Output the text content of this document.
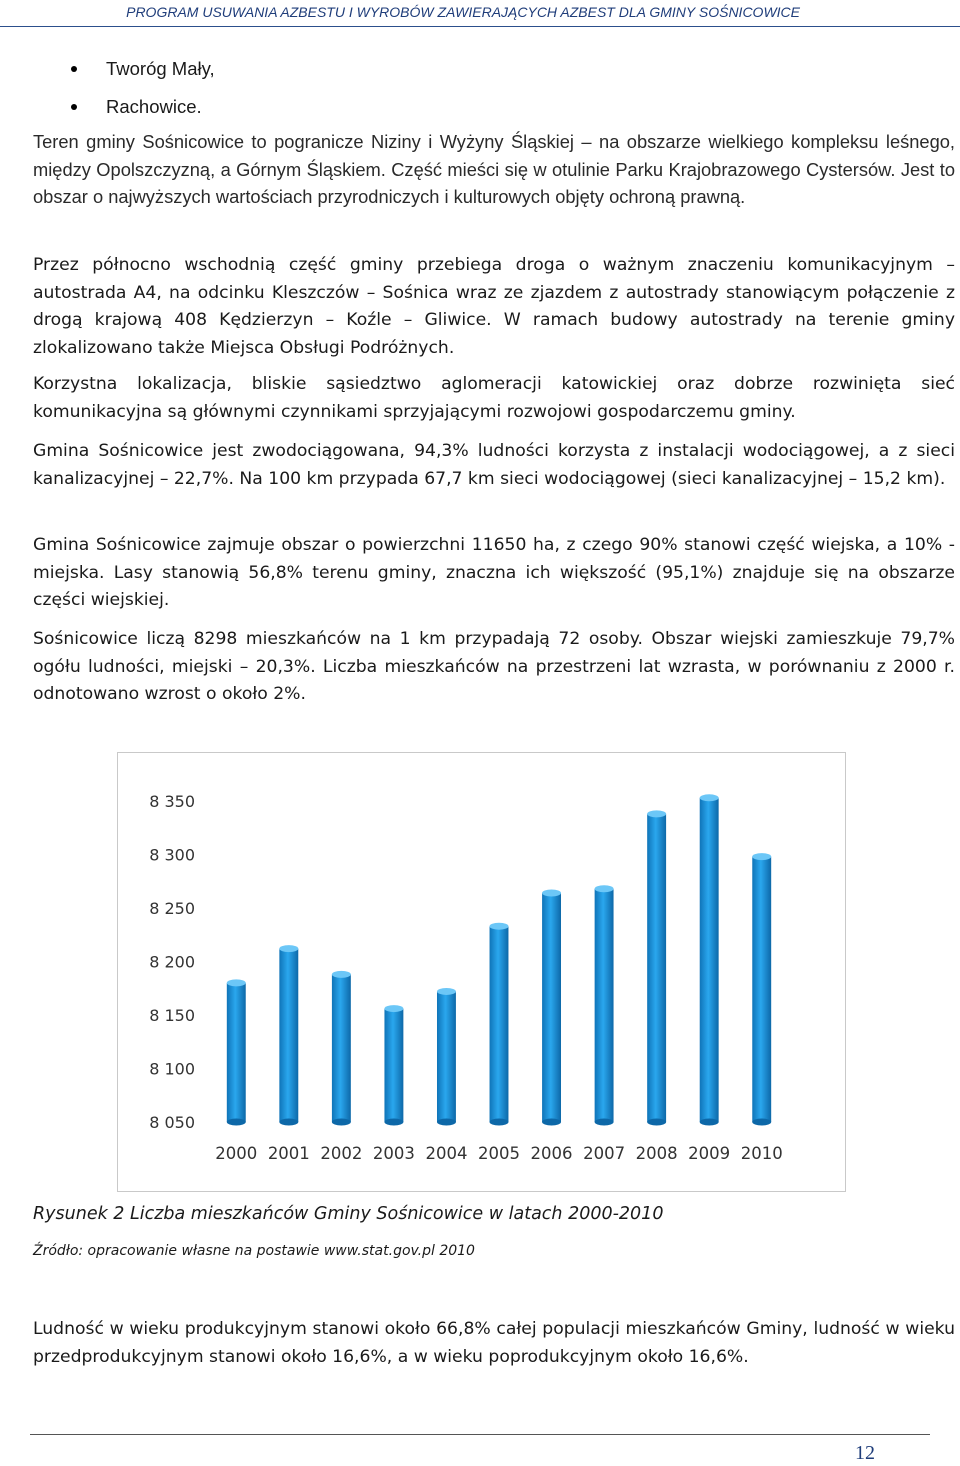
PROGRAM USUWANIA AZBESTU I WYROBÓW ZAWIERAJĄCYCH AZBEST DLA GMINY SOŚNICOWICE
Tworóg Mały,
Rachowice.

Teren gminy Sośnicowice to pogranicze Niziny i Wyżyny Śląskiej – na obszarze wielkiego kompleksu leśnego, między Opolszczyzną, a Górnym Śląskiem. Część mieści się w otulinie Parku Krajobrazowego Cystersów. Jest to obszar o najwyższych wartościach przyrodniczych i kulturowych objęty ochroną prawną.

Przez północno wschodnią część gminy przebiega droga o ważnym znaczeniu komunikacyjnym – autostrada A4, na odcinku Kleszczów – Sośnica wraz ze zjazdem z autostrady stanowiącym połączenie z drogą krajową 408 Kędzierzyn – Koźle – Gliwice. W ramach budowy autostrady na terenie gminy zlokalizowano także Miejsca Obsługi Podróżnych.

Korzystna lokalizacja, bliskie sąsiedztwo aglomeracji katowickiej oraz dobrze rozwinięta sieć komunikacyjna są głównymi czynnikami sprzyjającymi rozwojowi gospodarczemu gminy.

Gmina Sośnicowice jest zwodociągowana, 94,3% ludności korzysta z instalacji wodociągowej, a z sieci kanalizacyjnej – 22,7%. Na 100 km przypada 67,7 km sieci wodociągowej (sieci kanalizacyjnej – 15,2 km).

Gmina Sośnicowice zajmuje obszar o powierzchni 11650 ha, z czego 90% stanowi część wiejska, a 10% - miejska. Lasy stanowią 56,8% terenu gminy, znaczna ich większość (95,1%) znajduje się na obszarze części wiejskiej.

Sośnicowice liczą 8298 mieszkańców na 1 km przypadają 72 osoby. Obszar wiejski zamieszkuje 79,7% ogółu ludności, miejski – 20,3%. Liczba mieszkańców na przestrzeni lat wzrasta, w porównaniu z 2000 r. odnotowano wzrost o około 2%.

8 050
8 100
8 150
8 200
8 250
8 300
8 350
2000 2001 2002 2003 2004 2005 2006 2007 2008 2009 2010
Rysunek 2 Liczba mieszkańców Gminy Sośnicowice w latach 2000-2010
Źródło: opracowanie własne na postawie www.stat.gov.pl 2010

Ludność w wieku produkcyjnym stanowi około 66,8% całej populacji mieszkańców Gminy, ludność w wieku przedprodukcyjnym stanowi około 16,6%, a w wieku poprodukcyjnym około 16,6%.

12
